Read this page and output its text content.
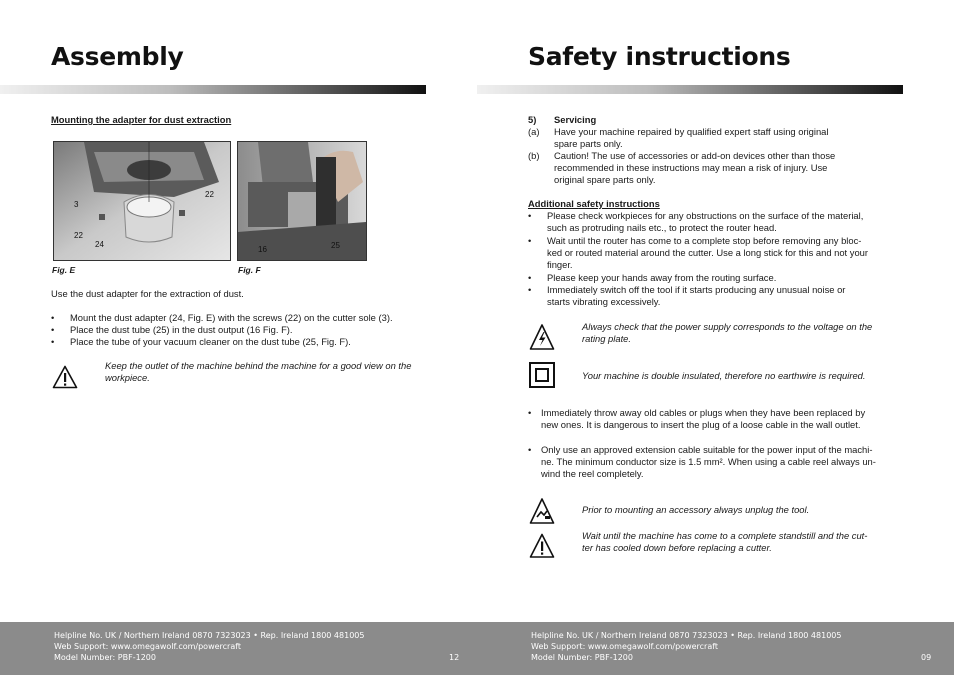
Assembly

Mounting the adapter for dust extraction

3
22
22
24
Fig. E
16	25
Fig. F

Use the dust adapter for the extraction of dust.

• Mount the dust adapter (24, Fig. E) with the screws (22) on the cutter sole (3).
• Place the dust tube (25) in the dust output (16 Fig. F).
• Place the tube of your vacuum cleaner on the dust tube (25, Fig. F).

Keep the outlet of the machine behind the machine for a good view on the workpiece.

Helpline No. UK / Northern Ireland 0870 7323023 • Rep. Ireland 1800 481005

Web Support: www.omegawolf.com/powercraft

Model Number: PBF-1200	12

Safety instructions
5) Servicing
(a) Have your machine repaired by qualified expert staff using original
spare parts only.
(b) Caution! The use of accessories or add-on devices other than those
recommended in these instructions may mean a risk of injury. Use
original spare parts only.

Additional safety instructions

• Please check workpieces for any obstructions on the surface of the material,
such as protruding nails etc., to protect the router head.
• Wait until the router has come to a complete stop before removing any bloc-
ked or routed material around the cutter. Use a long stick for this and not your
finger.
• Please keep your hands away from the routing surface.
• Immediately switch off the tool if it starts producing any unusual noise or
starts vibrating excessively.
Always check that the power supply corresponds to the voltage on the
rating plate.
Your machine is double insulated, therefore no earthwire is required.
• Immediately throw away old cables or plugs when they have been replaced by
new ones. It is dangerous to insert the plug of a loose cable in the wall outlet.
• Only use an approved extension cable suitable for the power input of the machi-
ne. The minimum conductor size is 1.5 mm². When using a cable reel always un-
wind the reel completely.
Prior to mounting an accessory always unplug the tool.
Wait until the machine has come to a complete standstill and the cut-
ter has cooled down before replacing a cutter.

Helpline No. UK / Northern Ireland 0870 7323023 • Rep. Ireland 1800 481005

Web Support: www.omegawolf.com/powercraft

Model Number: PBF-1200	09
